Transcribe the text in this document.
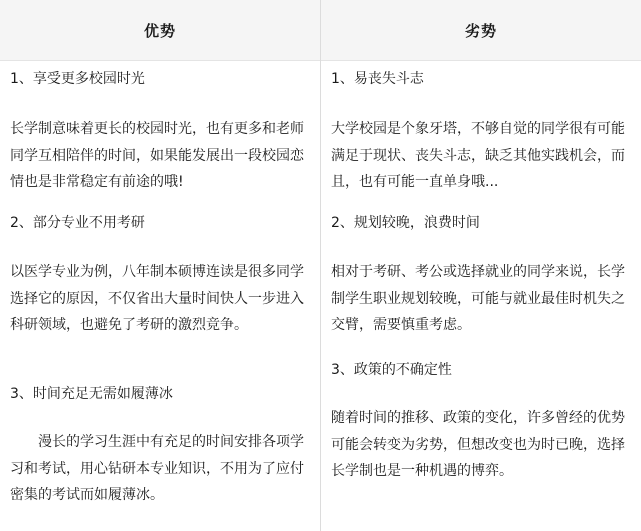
优势
1、享受更多校园时光
长学制意味着更长的校园时光，也有更多和老师同学互相陪伴的时间，如果能发展出一段校园恋情也是非常稳定有前途的哦!
2、部分专业不用考研
以医学专业为例，八年制本硕博连读是很多同学选择它的原因，不仅省出大量时间快人一步进入科研领域，也避免了考研的激烈竞争。
3、时间充足无需如履薄冰
漫长的学习生涯中有充足的时间安排各项学习和考试，用心钻研本专业知识，不用为了应付密集的考试而如履薄冰。
劣势
1、易丧失斗志
大学校园是个象牙塔，不够自觉的同学很有可能满足于现状、丧失斗志，缺乏其他实践机会，而且，也有可能一直单身哦...
2、规划较晚，浪费时间
相对于考研、考公或选择就业的同学来说，长学制学生职业规划较晚，可能与就业最佳时机失之交臂，需要慎重考虑。
3、政策的不确定性
随着时间的推移、政策的变化，许多曾经的优势可能会转变为劣势，但想改变也为时已晚，选择长学制也是一种机遇的博弈。
